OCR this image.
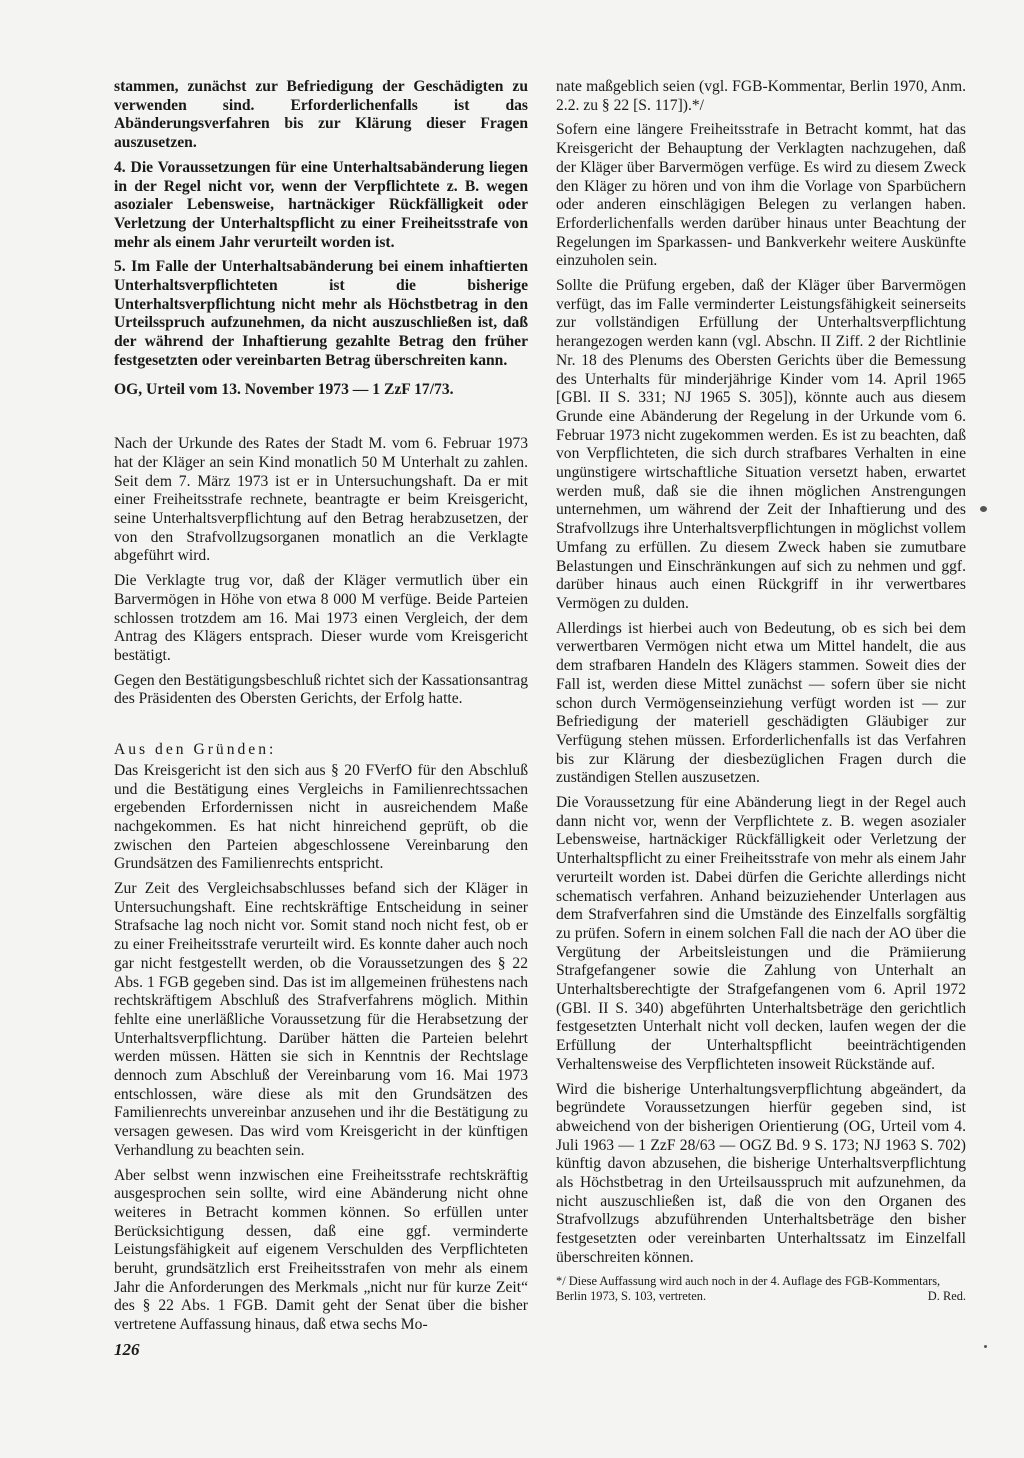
stammen, zunächst zur Befriedigung der Geschädigten zu verwenden sind. Erforderlichenfalls ist das Abänderungsverfahren bis zur Klärung dieser Fragen auszusetzen.

4. Die Voraussetzungen für eine Unterhaltsabänderung liegen in der Regel nicht vor, wenn der Verpflichtete z. B. wegen asozialer Lebensweise, hartnäckiger Rückfälligkeit oder Verletzung der Unterhaltspflicht zu einer Freiheitsstrafe von mehr als einem Jahr verurteilt worden ist.

5. Im Falle der Unterhaltsabänderung bei einem inhaftierten Unterhaltsverpflichteten ist die bisherige Unterhaltsverpflichtung nicht mehr als Höchstbetrag in den Urteilsspruch aufzunehmen, da nicht auszuschließen ist, daß der während der Inhaftierung gezahlte Betrag den früher festgesetzten oder vereinbarten Betrag überschreiten kann.

OG, Urteil vom 13. November 1973 — 1 ZzF 17/73.

Nach der Urkunde des Rates der Stadt M. vom 6. Februar 1973 hat der Kläger an sein Kind monatlich 50 M Unterhalt zu zahlen. Seit dem 7. März 1973 ist er in Untersuchungshaft. Da er mit einer Freiheitsstrafe rechnete, beantragte er beim Kreisgericht, seine Unterhaltsverpflichtung auf den Betrag herabzusetzen, der von den Strafvollzugsorganen monatlich an die Verklagte abgeführt wird.

Die Verklagte trug vor, daß der Kläger vermutlich über ein Barvermögen in Höhe von etwa 8 000 M verfüge. Beide Parteien schlossen trotzdem am 16. Mai 1973 einen Vergleich, der dem Antrag des Klägers entsprach. Dieser wurde vom Kreisgericht bestätigt.

Gegen den Bestätigungsbeschluß richtet sich der Kassationsantrag des Präsidenten des Obersten Gerichts, der Erfolg hatte.

Aus den Gründen:

Das Kreisgericht ist den sich aus § 20 FVerfO für den Abschluß und die Bestätigung eines Vergleichs in Familienrechtssachen ergebenden Erfordernissen nicht in ausreichendem Maße nachgekommen. Es hat nicht hinreichend geprüft, ob die zwischen den Parteien abgeschlossene Vereinbarung den Grundsätzen des Familienrechts entspricht.

Zur Zeit des Vergleichsabschlusses befand sich der Kläger in Untersuchungshaft. Eine rechtskräftige Entscheidung in seiner Strafsache lag noch nicht vor. Somit stand noch nicht fest, ob er zu einer Freiheitsstrafe verurteilt wird. Es konnte daher auch noch gar nicht festgestellt werden, ob die Voraussetzungen des § 22 Abs. 1 FGB gegeben sind. Das ist im allgemeinen frühestens nach rechtskräftigem Abschluß des Strafverfahrens möglich. Mithin fehlte eine unerläßliche Voraussetzung für die Herabsetzung der Unterhaltsverpflichtung. Darüber hätten die Parteien belehrt werden müssen. Hätten sie sich in Kenntnis der Rechtslage dennoch zum Abschluß der Vereinbarung vom 16. Mai 1973 entschlossen, wäre diese als mit den Grundsätzen des Familienrechts unvereinbar anzusehen und ihr die Bestätigung zu versagen gewesen. Das wird vom Kreisgericht in der künftigen Verhandlung zu beachten sein.

Aber selbst wenn inzwischen eine Freiheitsstrafe rechtskräftig ausgesprochen sein sollte, wird eine Abänderung nicht ohne weiteres in Betracht kommen können. So erfüllen unter Berücksichtigung dessen, daß eine ggf. verminderte Leistungsfähigkeit auf eigenem Verschulden des Verpflichteten beruht, grundsätzlich erst Freiheitsstrafen von mehr als einem Jahr die Anforderungen des Merkmals „nicht nur für kurze Zeit“ des § 22 Abs. 1 FGB. Damit geht der Senat über die bisher vertretene Auffassung hinaus, daß etwa sechs Mo-

nate maßgeblich seien (vgl. FGB-Kommentar, Berlin 1970, Anm. 2.2. zu § 22 [S. 117]).*/

Sofern eine längere Freiheitsstrafe in Betracht kommt, hat das Kreisgericht der Behauptung der Verklagten nachzugehen, daß der Kläger über Barvermögen verfüge. Es wird zu diesem Zweck den Kläger zu hören und von ihm die Vorlage von Sparbüchern oder anderen einschlägigen Belegen zu verlangen haben. Erforderlichenfalls werden darüber hinaus unter Beachtung der Regelungen im Sparkassen- und Bankverkehr weitere Auskünfte einzuholen sein.

Sollte die Prüfung ergeben, daß der Kläger über Barvermögen verfügt, das im Falle verminderter Leistungsfähigkeit seinerseits zur vollständigen Erfüllung der Unterhaltsverpflichtung herangezogen werden kann (vgl. Abschn. II Ziff. 2 der Richtlinie Nr. 18 des Plenums des Obersten Gerichts über die Bemessung des Unterhalts für minderjährige Kinder vom 14. April 1965 [GBl. II S. 331; NJ 1965 S. 305]), könnte auch aus diesem Grunde eine Abänderung der Regelung in der Urkunde vom 6. Februar 1973 nicht zugekommen werden. Es ist zu beachten, daß von Verpflichteten, die sich durch strafbares Verhalten in eine ungünstigere wirtschaftliche Situation versetzt haben, erwartet werden muß, daß sie die ihnen möglichen Anstrengungen unternehmen, um während der Zeit der Inhaftierung und des Strafvollzugs ihre Unterhaltsverpflichtungen in möglichst vollem Umfang zu erfüllen. Zu diesem Zweck haben sie zumutbare Belastungen und Einschränkungen auf sich zu nehmen und ggf. darüber hinaus auch einen Rückgriff in ihr verwertbares Vermögen zu dulden.

Allerdings ist hierbei auch von Bedeutung, ob es sich bei dem verwertbaren Vermögen nicht etwa um Mittel handelt, die aus dem strafbaren Handeln des Klägers stammen. Soweit dies der Fall ist, werden diese Mittel zunächst — sofern über sie nicht schon durch Vermögenseinziehung verfügt worden ist — zur Befriedigung der materiell geschädigten Gläubiger zur Verfügung stehen müssen. Erforderlichenfalls ist das Verfahren bis zur Klärung der diesbezüglichen Fragen durch die zuständigen Stellen auszusetzen.

Die Voraussetzung für eine Abänderung liegt in der Regel auch dann nicht vor, wenn der Verpflichtete z. B. wegen asozialer Lebensweise, hartnäckiger Rückfälligkeit oder Verletzung der Unterhaltspflicht zu einer Freiheitsstrafe von mehr als einem Jahr verurteilt worden ist. Dabei dürfen die Gerichte allerdings nicht schematisch verfahren. Anhand beizuziehender Unterlagen aus dem Strafverfahren sind die Umstände des Einzelfalls sorgfältig zu prüfen. Sofern in einem solchen Fall die nach der AO über die Vergütung der Arbeitsleistungen und die Prämiierung Strafgefangener sowie die Zahlung von Unterhalt an Unterhaltsberechtigte der Strafgefangenen vom 6. April 1972 (GBl. II S. 340) abgeführten Unterhaltsbeträge den gerichtlich festgesetzten Unterhalt nicht voll decken, laufen wegen der die Erfüllung der Unterhaltspflicht beeinträchtigenden Verhaltensweise des Verpflichteten insoweit Rückstände auf.

Wird die bisherige Unterhaltungsverpflichtung abgeändert, da begründete Voraussetzungen hierfür gegeben sind, ist abweichend von der bisherigen Orientierung (OG, Urteil vom 4. Juli 1963 — 1 ZzF 28/63 — OGZ Bd. 9 S. 173; NJ 1963 S. 702) künftig davon abzusehen, die bisherige Unterhaltsverpflichtung als Höchstbetrag in den Urteilsausspruch mit aufzunehmen, da nicht auszuschließen ist, daß die von den Organen des Strafvollzugs abzuführenden Unterhaltsbeträge den bisher festgesetzten oder vereinbarten Unterhaltssatz im Einzelfall überschreiten können.

*/ Diese Auffassung wird auch noch in der 4. Auflage des FGB-Kommentars, Berlin 1973, S. 103, vertreten.	D. Red.
126
